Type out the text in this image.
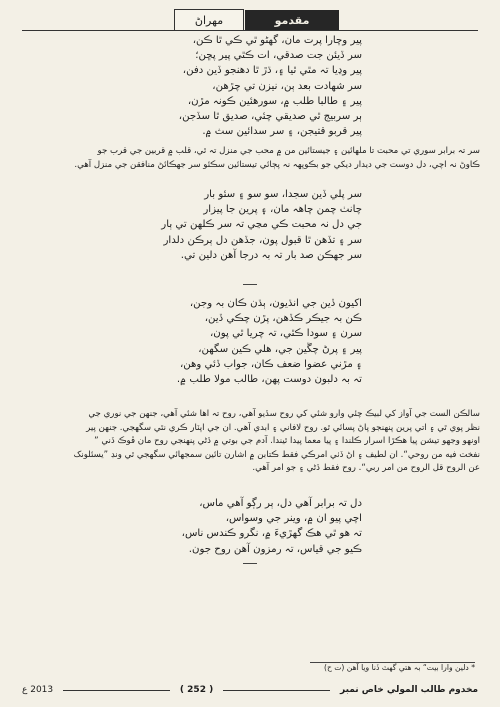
مهراڻ	مقدمو
پير وچارا پرت مان، گهڻو ٿي ڪي ٿا ڪن،
سر ڏيئن جت صدقي، ات ڪٿي پير پڇن؛
پير وڍيا تہ مٿي ٿيا ۽، ڌڙ ٿا دهنجو ڏين دفن،
سر شهادت بعد ٻن، نيزن تي چڙهن،
پير ۽ طالبا طلب ۾، سورهئين ڪونہ مڙن،
ٻر سربيج ٿي صديقي چئي، صديق ٿا سڏجن،
پير قربو قتيجن، ۽ سر سدائين سث ۾.
سر تہ برابر سوري تي محبت تا ملهائين ۽ جيستائين من ۾ محب جي منزل تہ ٿي، قلب ۾ قربين جي قرب جو
ڪاوڻ نہ اچي، دل دوست جي ديدار ديکي جو بڪوپهہ نہ پڄائي تيستائين سڪئو سر جهڪائڻ منافقن جي منزل آهي.
سر پلي ڏين سجدا، سو سو ۽ سئو بار
چانٺ چمن چاهہ مان، ۽ پرين جا پيزار
جي دل نہ محبت ڪي مڃي تہ سر ڪلهن تي ٻار
سر ۽ تڏهن ٿا قبول پون، جڏهن دل ٻرڪن دلدار
سر جهڪن صد بار تہ بہ درجا آهن دلين تي.
اکيون ڏين جي انڌيون، ٻڌن ڪان بہ وجن،
ڪن بہ جيڪر ڪڏهن، پڙن چڪي ڏين،
سرن ۽ سودا ڪٿي، تہ چريا ٿي پون،
پير ۽ پرڻ چڱين جي، هلي ڪين سگهن،
۽ مڙني عضوا ضعف ڪان، جواب ڏئي وهن،
تہ بہ دلبون دوست پهن، طالب مولا طلب ۾.
سالڪن الست جي آواز کي لبيڪ چئي وارو شئي کي روح سڏيو آهي، روح تہ اها شئي آهي، جنهن جي نوري جي
نظر پوي ٿي ۽ اتي پرين پنهنجو پاڻ پسائي ٿو. روح لافاني ۽ ابدي آهي. ان جي اپٽار ڪري نٿي سگهجي. جنهن پير
اونهو وجهو تيشن پيا هڪڙا اسرار ڪلندا ۽ پيا معما پيدا ٿيندا. آدم جي بوتي ۾ ڏڻي پنهنجي روح مان ڦوڪ ڏني ”
نفخت فيه من روحي“. ان لطيف ۽ اڻ ڏٺي امرڪي فقط ڪتابن ۾ اشارن تائين سمجهائي سگهجي ٿي ونڊ ”يسئلونک
عن الروح قل الروح من امر ربي“. روح فقط ڏڻي ۽ جو امر آهي.
دل تہ برابر آهي دل، ٻر رڳو آهي ماس،
اچي پيو ان ۾، وينر جي وسواس،
تہ هو ٿي هڪ گهڙيءَ ۾، نگرو ڪندس ناس،
ڪيو جي قياس، تہ رمزون آهن روح جون.
* دلين وارا بيت“ بہ هتي گهٽ ڏنا ويا آهن (ت ح)
2013 ع	( 252 )	مخدوم طالب المولي خاص نمبر
